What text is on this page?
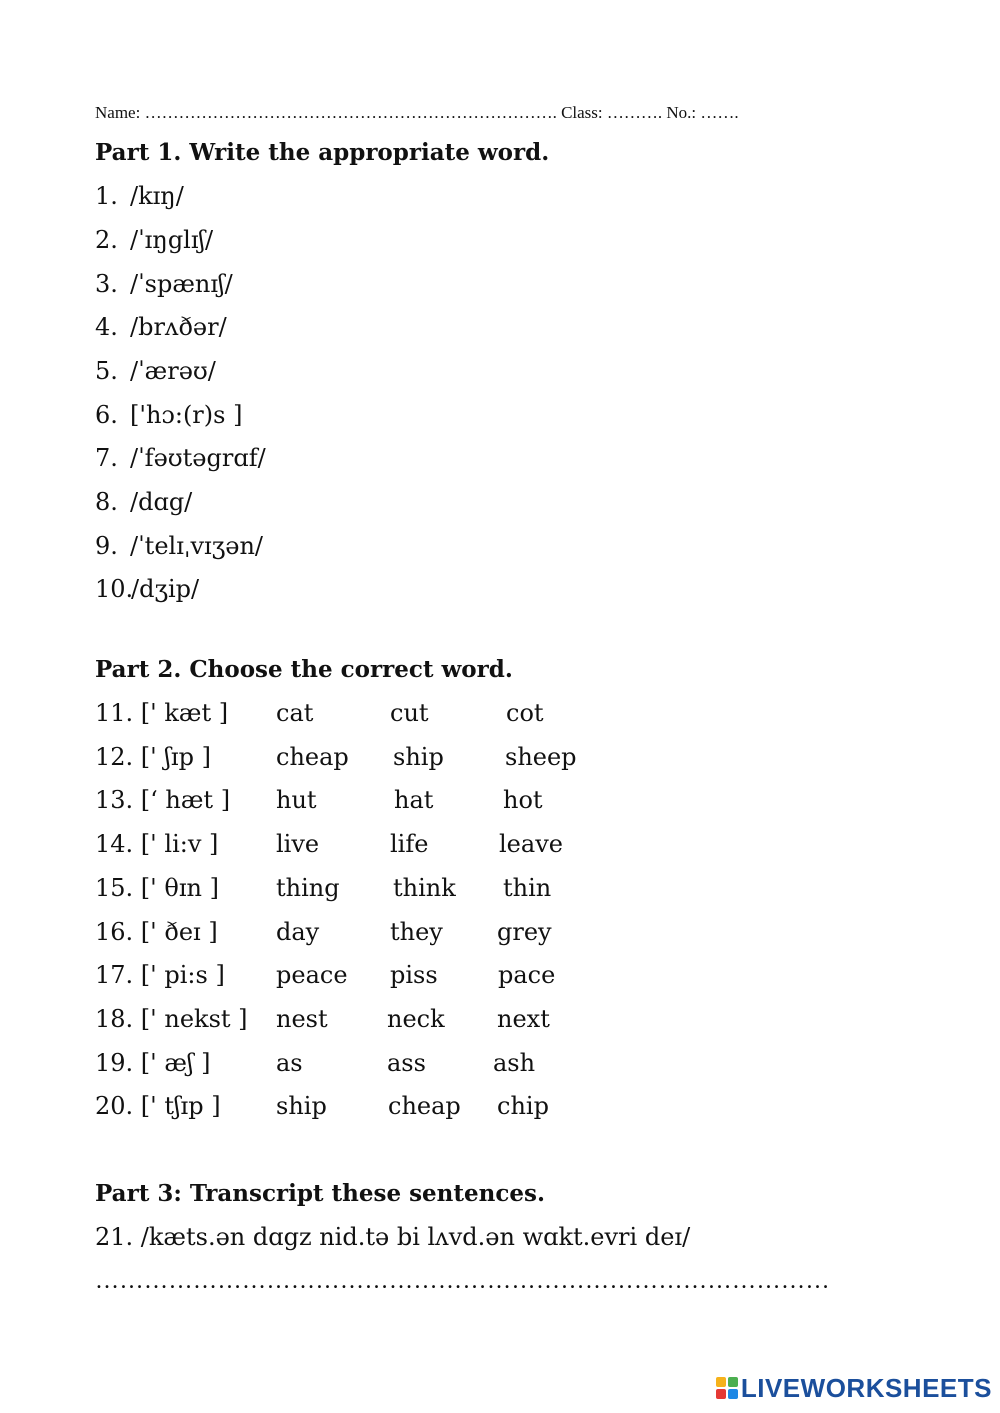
Name: ………………………………………………………………. Class: ………. No.: …….
Part 1. Write the appropriate word.
1. /kɪŋ/
2. /ˈɪŋglɪʃ/
3. /ˈspænɪʃ/
4. /brʌðər/
5. /ˈærəʊ/
6. ['hɔ:(r)s ]
7. /ˈfəʊtəgrɑf/
8. /dɑg/
9. /ˈtelɪˌvɪʒən/
10./dʒip/
Part 2. Choose the correct word.
11. [' kæt ] cat	cut	cot
12. [' ʃɪp ]	cheap ship	sheep
13. [‘ hæt ] hut	hat	hot
14. [' li:v ] live	life	leave
15. [' θɪn ] thing think thin
16. [' ðeɪ ] day	they grey
17. [' pi:s ] peace piss	pace
18. [' nekst ] nest neck next
19. [' æʃ ]	as	ass	ash
20. [' tʃɪp ] ship	cheap chip
Part 3: Transcript these sentences.
21. /kæts.ən dɑgz nid.tə bi lʌvd.ən wɑkt.evri deɪ/
………………………………………………………………………………
LIVEWORKSHEETS
